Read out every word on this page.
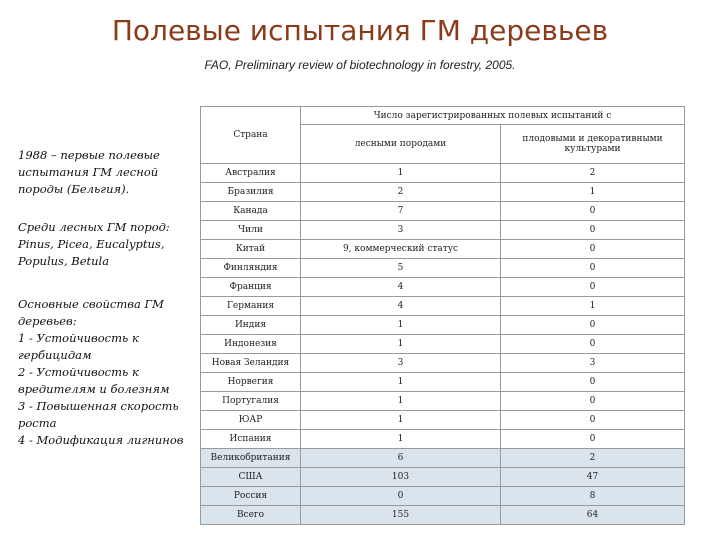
Полевые испытания ГМ деревьев
FAO, Preliminary review of biotechnology in forestry, 2005.
1988 – первые полевые испытания ГМ лесной породы (Бельгия).
Среди лесных ГМ пород: Pinus, Picea, Eucalyptus, Populus, Betula
Основные свойства ГМ деревьев:
1 - Устойчивость к гербицидам
2 - Устойчивость к вредителям и болезням
3 - Повышенная скорость роста
4 - Модификация лигнинов
Страна	Число зарегистрированных полевых испытаний с	
	лесными породами	плодовыми и декоративными культурами
Австралия	1	2
Бразилия	2	1
Канада	7	0
Чили	3	0
Китай	9, коммерческий статус	0
Финляндия	5	0
Франция	4	0
Германия	4	1
Индия	1	0
Индонезия	1	0
Новая Зеландия	3	3
Норвегия	1	0
Португалия	1	0
ЮАР	1	0
Испания	1	0
Великобритания	6	2
США	103	47
Россия	0	8
Всего	155	64
